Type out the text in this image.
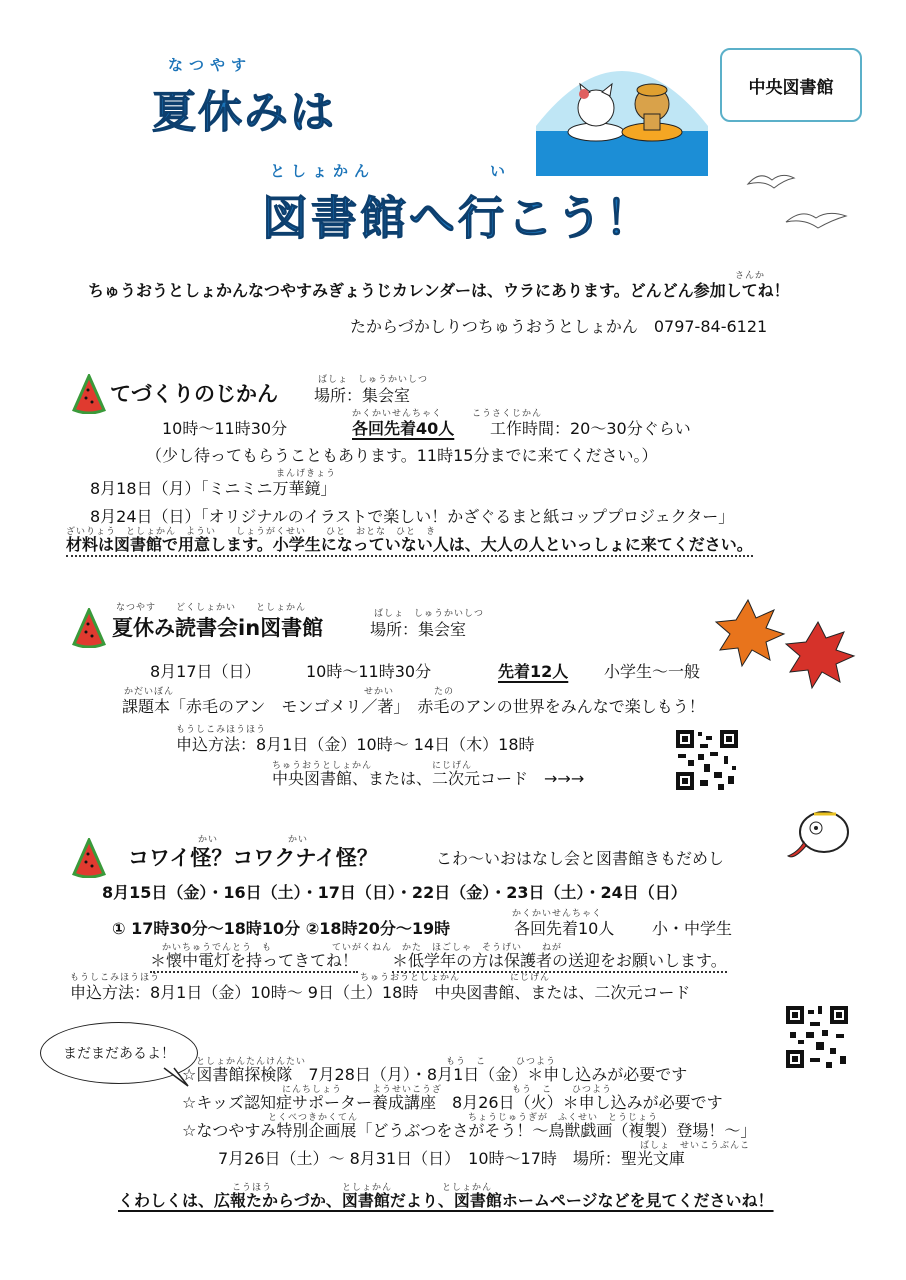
なつやす
夏休みは
としょかん	い
図書館へ行こう！
中央図書館
さんか
ちゅうおうとしょかんなつやすみぎょうじカレンダーは、ウラにあります。どんどん参加してね！
たからづかしりつちゅうおうとしょかん　0797-84-6121
てづくりのじかん
ばしょ　しゅうかいしつ
場所：集会室
かくかいせんちゃく　　　こうさくじかん
10時～11時30分	各回先着40人 工作時間：20～30分ぐらい
（少し待ってもらうこともあります。11時15分までに来てください。）
まんげきょう
8月18日（月）「ミニミニ万華鏡」
8月24日（日）「オリジナルのイラストで楽しい！かざぐるまと紙コッププロジェクター」
ざいりょう　としょかん　ようい　　しょうがくせい　　ひと　おとな　ひと　き
材料は図書館で用意します。小学生になっていない人は、大人の人といっしょに来てください。
なつやす　　どくしょかい　　としょかん
夏休み読書会in図書館
ばしょ　しゅうかいしつ
場所：集会室
8月17日（日）	10時～11時30分	先着12人 小学生～一般
かだいぼん　　　　　　　　　　　　　　　　　　　せかい　　　　たの
課題本「赤毛のアン　モンゴメリ／著」　赤毛のアンの世界をみんなで楽しもう！
もうしこみほうほう
申込方法：8月1日（金）10時～ 14日（木）18時
ちゅうおうとしょかん　　　　　　にじげん
中央図書館、または、二次元コード　→→→
かい　　　　　　　かい
コワイ怪？コワクナイ怪？	こわ～いおはなし会と図書館きもだめし
8月15日（金）・16日（土）・17日（日）・22日（金）・23日（土）・24日（日）
かくかいせんちゃく
① 17時30分～18時10分 ②18時20分～19時	各回先着10人 小・中学生
かいちゅうでんとう　も　　　　　　ていがくねん　かた　ほごしゃ　そうげい　　ねが
＊懐中電灯を持ってきてね！ ＊低学年の方は保護者の送迎をお願いします。
もうしこみほうほう　　　　　　　　　　　　　　　　　　　　ちゅうおうとしょかん　　　　　にじげん
申込方法：8月1日（金）10時～ 9日（土）18時　中央図書館、または、二次元コード
まだまだあるよ！ としょかんたんけんたい　　　　　　　　　　　　　　もう　こ　　　ひつよう
☆図書館探検隊　7月28日（月）・8月1日（金）＊申し込みが必要です
にんちしょう　　　ようせいこうざ　　　　　　　もう　こ　　ひつよう
☆キッズ認知症サポーター養成講座　8月26日（火）＊申し込みが必要です
とくべつきかくてん　　　　　　　　　　　ちょうじゅうぎが　ふくせい　とうじょう
☆なつやすみ特別企画展「どうぶつをさがそう！～鳥獣戯画（複製）登場！～」
ばしょ　せいこうぶんこ
7月26日（土）～ 8月31日（日）　10時～17時　場所：聖光文庫
こうほう　　　　　　　としょかん　　　　　としょかん
くわしくは、広報たからづか、図書館だより、図書館ホームページなどを見てくださいね！
